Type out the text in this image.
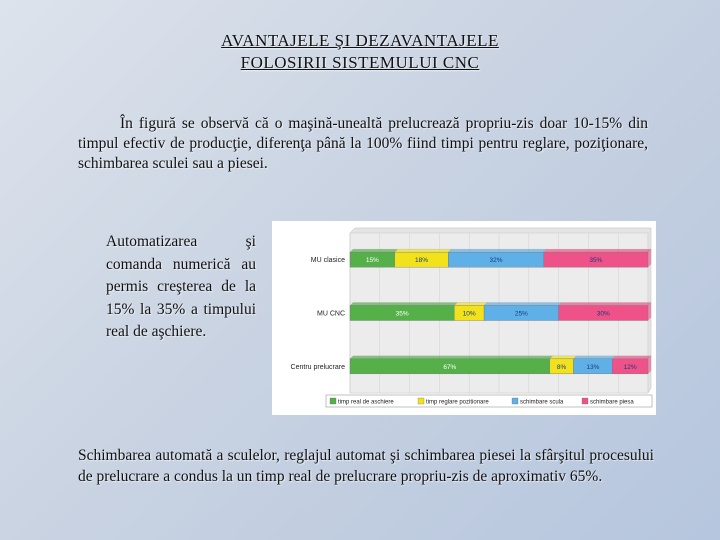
AVANTAJELE ŞI DEZAVANTAJELE
FOLOSIRII SISTEMULUI CNC
În figură se observă că o maşină-unealtă prelucrează propriu-zis doar 10-15% din timpul efectiv de producţie, diferenţa până la 100% fiind timpi pentru reglare, poziţionare, schimbarea sculei sau a piesei.
Automatizarea şi comanda numerică au permis creşterea de la 15% la 35% a timpului real de aşchiere.
MU clasice	15%	18%	32%	35%
MU CNC	35%	10%	25%	30%
Centru prelucrare	67%	8%	13%	12%
timp real de aschiere	timp reglare pozitionare	schimbare scula	schimbare piesa
Schimbarea automată a sculelor, reglajul automat şi schimbarea piesei la sfârşitul procesului de prelucrare a condus la un timp real de prelucrare propriu-zis de aproximativ 65%.
